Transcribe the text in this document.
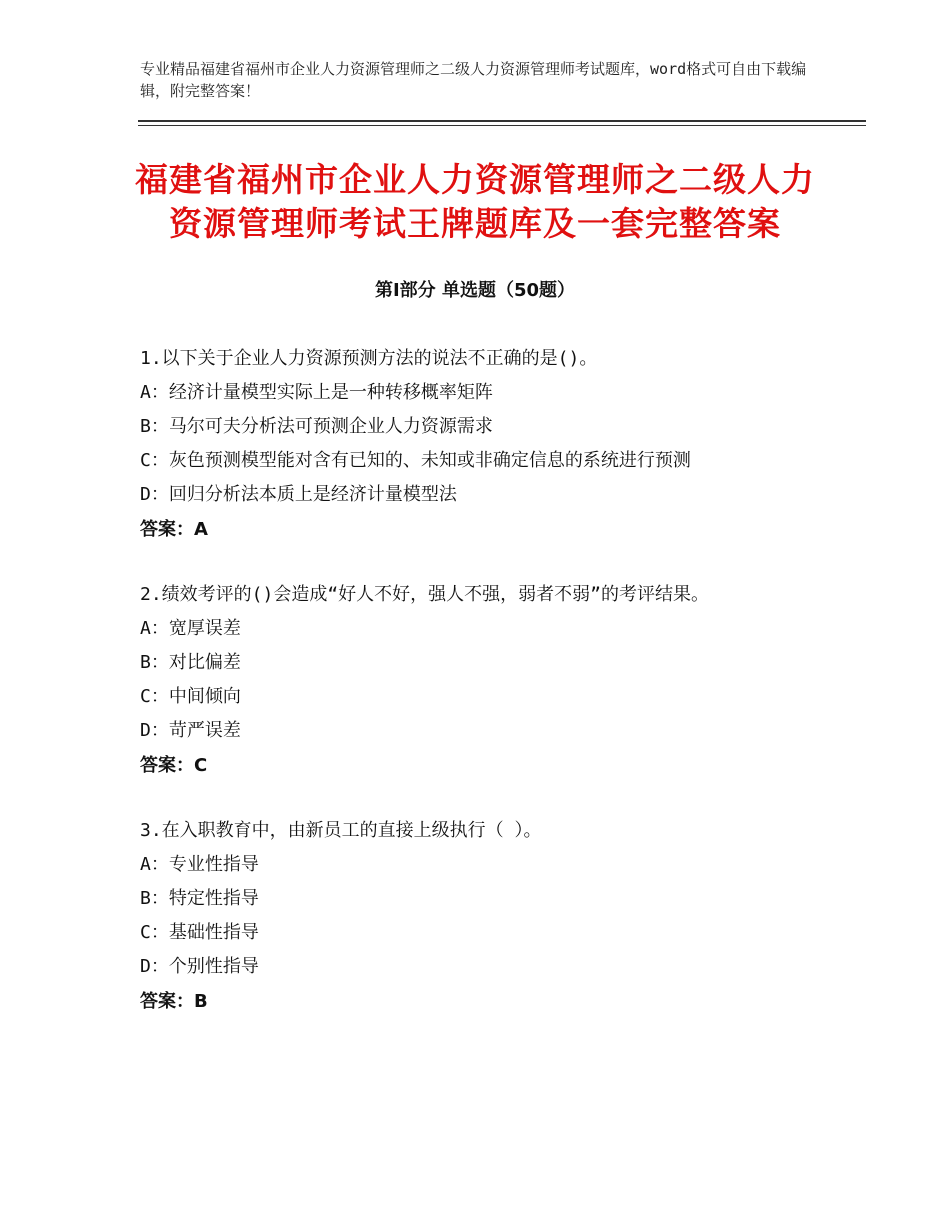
专业精品福建省福州市企业人力资源管理师之二级人力资源管理师考试题库，word格式可自由下载编辑，附完整答案！
福建省福州市企业人力资源管理师之二级人力资源管理师考试王牌题库及一套完整答案
第Ⅰ部分 单选题（50题）
1.以下关于企业人力资源预测方法的说法不正确的是()。
A：经济计量模型实际上是一种转移概率矩阵
B：马尔可夫分析法可预测企业人力资源需求
C：灰色预测模型能对含有已知的、未知或非确定信息的系统进行预测
D：回归分析法本质上是经济计量模型法
答案：A
2.绩效考评的()会造成“好人不好，强人不强，弱者不弱”的考评结果。
A：宽厚误差
B：对比偏差
C：中间倾向
D：苛严误差
答案：C
3.在入职教育中，由新员工的直接上级执行（ ）。
A：专业性指导
B：特定性指导
C：基础性指导
D：个别性指导
答案：B
